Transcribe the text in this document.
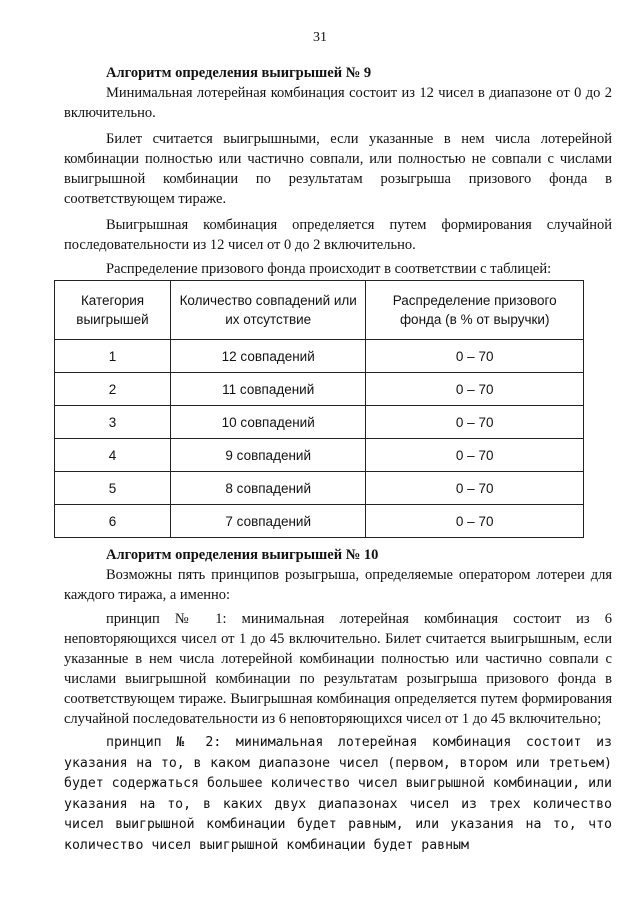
31

Алгоритм определения выигрышей № 9

Минимальная лотерейная комбинация состоит из 12 чисел в диапазоне от 0 до 2 включительно.

Билет считается выигрышными, если указанные в нем числа лотерейной комбинации полностью или частично совпали, или полностью не совпали с числами выигрышной комбинации по результатам розыгрыша призового фонда в соответствующем тираже.

Выигрышная комбинация определяется путем формирования случайной последовательности из 12 чисел от 0 до 2 включительно.

Распределение призового фонда происходит в соответствии с таблицей:

Категория выигрышей	Количество совпадений или их отсутствие	Распределение призового фонда (в % от выручки)
1	12 совпадений	0 – 70
2	11 совпадений	0 – 70
3	10 совпадений	0 – 70
4	9 совпадений	0 – 70
5	8 совпадений	0 – 70
6	7 совпадений	0 – 70

Алгоритм определения выигрышей № 10

Возможны пять принципов розыгрыша, определяемые оператором лотереи для каждого тиража, а именно:

принцип № 1: минимальная лотерейная комбинация состоит из 6 неповторяющихся чисел от 1 до 45 включительно. Билет считается выигрышным, если указанные в нем числа лотерейной комбинации полностью или частично совпали с числами выигрышной комбинации по результатам розыгрыша призового фонда в соответствующем тираже. Выигрышная комбинация определяется путем формирования случайной последовательности из 6 неповторяющихся чисел от 1 до 45 включительно;

принцип № 2: минимальная лотерейная комбинация состоит из указания на то, в каком диапазоне чисел (первом, втором или третьем) будет содержаться большее количество чисел выигрышной комбинации, или указания на то, в каких двух диапазонах чисел из трех количество чисел выигрышной комбинации будет равным, или указания на то, что количество чисел выигрышной комбинации будет равным
